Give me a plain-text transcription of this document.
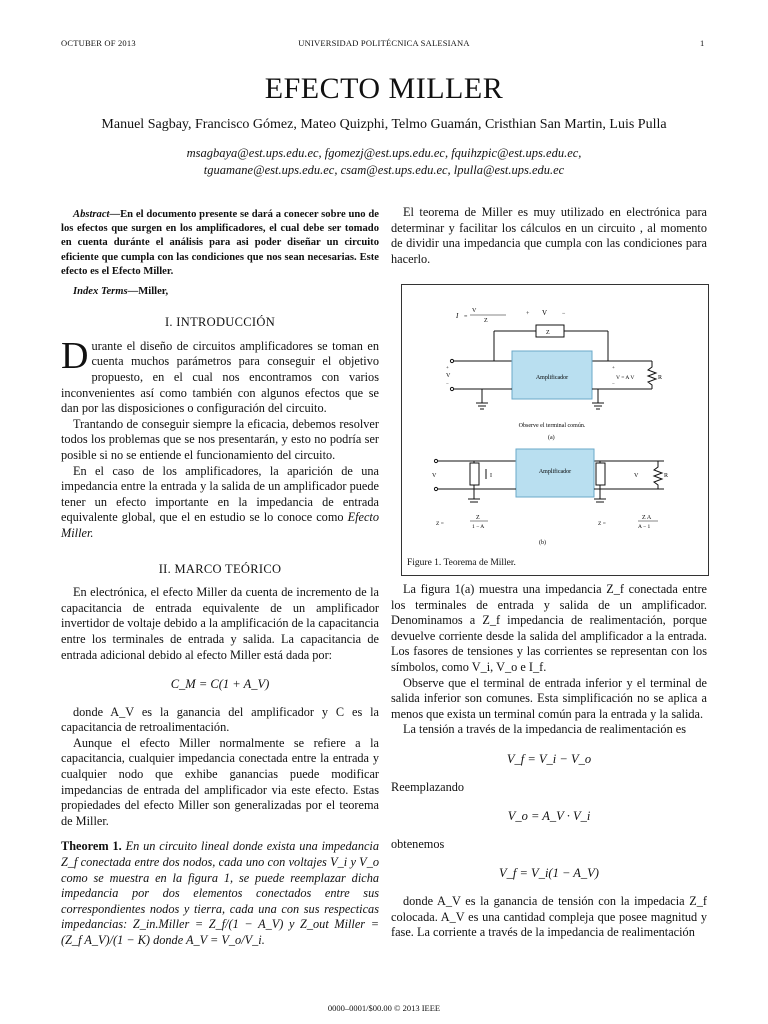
OCTUBER OF 2013	UNIVERSIDAD POLITÉCNICA SALESIANA	1
EFECTO MILLER
Manuel Sagbay, Francisco Gómez, Mateo Quizphi, Telmo Guamán, Cristhian San Martin, Luis Pulla
msagbaya@est.ups.edu.ec, fgomezj@est.ups.edu.ec, fquihzpic@est.ups.edu.ec, tguamane@est.ups.edu.ec, csam@est.ups.edu.ec, lpulla@est.ups.edu.ec
Abstract—En el documento presente se dará a conecer sobre uno de los efectos que surgen en los amplificadores, el cual debe ser tomado en cuenta duránte el análisis para asi poder diseñar un circuito eficiente que cumpla con las condiciones que nos sean necesarias. Este efecto es el Efecto Miller.
Index Terms—Miller,
I. INTRODUCCIÓN

Durante el diseño de circuitos amplificadores se toman en cuenta muchos parámetros para conseguir el objetivo propuesto, en el cual nos encontramos con varios inconvenientes así como también con algunos efectos que se dan por las disposiciones o configuración del circuito.

Trantando de conseguir siempre la eficacia, debemos resolver todos los problemas que se nos presentarán, y esto no podría ser posible si no se entiende el funcionamiento del circuito.

En el caso de los amplificadores, la aparición de una impedancia entre la entrada y la salida de un amplificador puede tener un efecto importante en la impedancia de entrada equivalente global, que el en estudio se lo conoce como Efecto Miller.

II. MARCO TEÓRICO

En electrónica, el efecto Miller da cuenta de incremento de la capacitancia de entrada equivalente de un amplificador invertidor de voltaje debido a la amplificación de la capacitancia entre los terminales de entrada y salida. La capacitancia de entrada adicional debido al efecto Miller está dada por:

C_M = C(1 + A_V)

donde A_V es la ganancia del amplificador y C es la capacitancia de retroalimentación.

Aunque el efecto Miller normalmente se refiere a la capacitancia, cualquier impedancia conectada entre la entrada y cualquier nodo que exhibe ganancias puede modificar impedancias de entrada del amplificador via este efecto. Estas propiedades del efecto Miller son generalizadas por el teorema de Miller.

Theorem 1. En un circuito lineal donde exista una impedancia Z_f conectada entre dos nodos, cada uno con voltajes V_i y V_o como se muestra en la figura 1, se puede reemplazar dicha impedancia por dos elementos conectados entre sus correspondientes nodos y tierra, cada una con sus respecticas impedancias: Z_in.Miller = Z_f/(1 − A_V) y Z_out Miller = (Z_f A_V)/(1 − K) donde A_V = V_o/V_i.

El teorema de Miller es muy utilizado en electrónica para determinar y facilitar los cálculos en un circuito , al momento de dividir una impedancia que cumpla con las condiciones para hacerlo.

I =
V
Z
+ V −
Z
Amplificador
V
+
−
V = A V
+
−
R
Observe el terminal común.
(a)
Amplificador
V	I	V	R
Z =
Z
1 − A	Z =
Z A
A − 1
(b)
Figure 1. Teorema de Miller.

La figura 1(a) muestra una impedancia Z_f conectada entre los terminales de entrada y salida de un amplificador. Denominamos a Z_f impedancia de realimentación, porque devuelve corriente desde la salida del amplificador a la entrada. Los fasores de tensiones y las corrientes se representan con los símbolos, como V_i, V_o e I_f.

Observe que el terminal de entrada inferior y el terminal de salida inferior son comunes. Esta simplificación no se aplica a menos que exista un terminal común para la entrada y la salida.

La tensión a través de la impedancia de realimentación es

V_f = V_i − V_o

Reemplazando

V_o = A_V · V_i

obtenemos

V_f = V_i(1 − A_V)

donde A_V es la ganancia de tensión con la impedacia Z_f colocada. A_V es una cantidad compleja que posee magnitud y fase. La corriente a través de la impedancia de realimentación

0000–0001/$00.00 © 2013 IEEE
